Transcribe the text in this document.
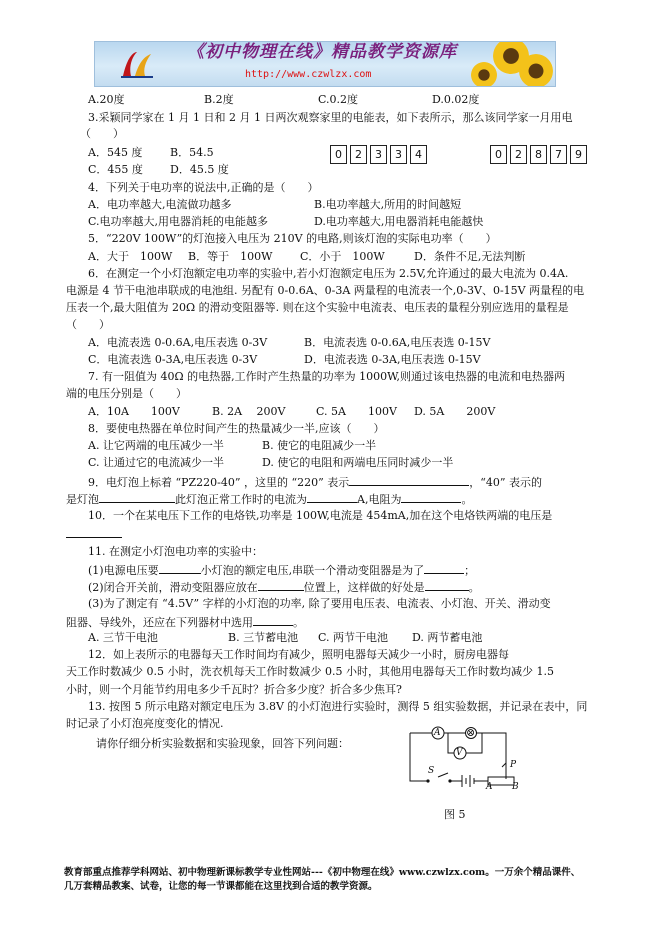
《初中物理在线》精品教学资源库
http://www.czwlzx.com
A.20度	B.2度	C.0.2度	D.0.02度
3.采颖同学家在 1 月 1 日和 2 月 1 日两次观察家里的电能表，如下表所示，那么该同学家一月用电
（　　）
A．545 度	B．54.5
C．455 度 D．45.5 度
0	2	3	3	4	0	2	8	7	9
4．下列关于电功率的说法中,正确的是（　　）
A．电功率越大,电流做功越多	B.电功率越大,所用的时间越短
C.电功率越大,用电器消耗的电能越多	D.电功率越大,用电器消耗电能越快
5．“220V 100W”的灯泡接入电压为 210V 的电路,则该灯泡的实际电功率（　　）
A．大于　100W B．等于　100W	C．小于　100W	D．条件不足,无法判断
6．在测定一个小灯泡额定电功率的实验中,若小灯泡额定电压为 2.5V,允许通过的最大电流为 0.4A.
电源是 4 节干电池串联成的电池组. 另配有 0-0.6A、0-3A 两量程的电流表一个,0-3V、0-15V 两量程的电
压表一个,最大阻值为 20Ω 的滑动变阻器等. 则在这个实验中电流表、电压表的量程分别应选用的量程是
（　　）
A．电流表选 0-0.6A,电压表选 0-3V	B．电流表选 0-0.6A,电压表选 0-15V
C．电流表选 0-3A,电压表选 0-3V	D．电流表选 0-3A,电压表选 0-15V
7. 有一阻值为 40Ω 的电热器,工作时产生热量的功率为 1000W,则通过该电热器的电流和电热器两
端的电压分别是（　　）
A．10A　　100V	B. 2A　 200V	C. 5A　　100V D. 5A　　200V
8．要使电热器在单位时间产生的热量减少一半,应该（　　）
A. 让它两端的电压减少一半	B. 使它的电阻减少一半
C. 让通过它的电流减少一半	D. 使它的电阻和两端电压同时减少一半
9．电灯泡上标着 “PZ220-40” ，这里的 “220” 表示	，“40” 表示的
是灯泡	此灯泡正常工作时的电流为	A,电阻为	。
10．一个在某电压下工作的电烙铁,功率是 100W,电流是 454mA,加在这个电烙铁两端的电压是
11. 在测定小灯泡电功率的实验中：
(1)电源电压要	小灯泡的额定电压,串联一个滑动变阻器是为了	；
(2)闭合开关前，滑动变阻器应放在	位置上，这样做的好处是	。
(3)为了测定有 “4.5V” 字样的小灯泡的功率, 除了要用电压表、电流表、小灯泡、开关、滑动变
阻器、导线外，还应在下列器材中选用	。
A. 三节干电池	B. 三节蓄电池 C. 两节干电池 D. 两节蓄电池
12．如上表所示的电器每天工作时间均有减少，照明电器每天减少一小时，厨房电器每
天工作时数减少 0.5 小时，洗衣机每天工作时数减少 0.5 小时，其他用电器每天工作时数均减少 1.5
小时，则一个月能节约用电多少千瓦时？折合多少度？折合多少焦耳?
13. 按图 5 所示电路对额定电压为 3.8V 的小灯泡进行实验时，测得 5 组实验数据，并记录在表中，同
时记录了小灯泡亮度变化的情况.
请你仔细分析实验数据和实验现象，回答下列问题：
A ⊗
V
S
P
A B
图 5
教育部重点推荐学科网站、初中物理新课标教学专业性网站---《初中物理在线》www.czwlzx.com。一万余个精品课件、
几万套精品教案、试卷，让您的每一节课都能在这里找到合适的教学资源。
